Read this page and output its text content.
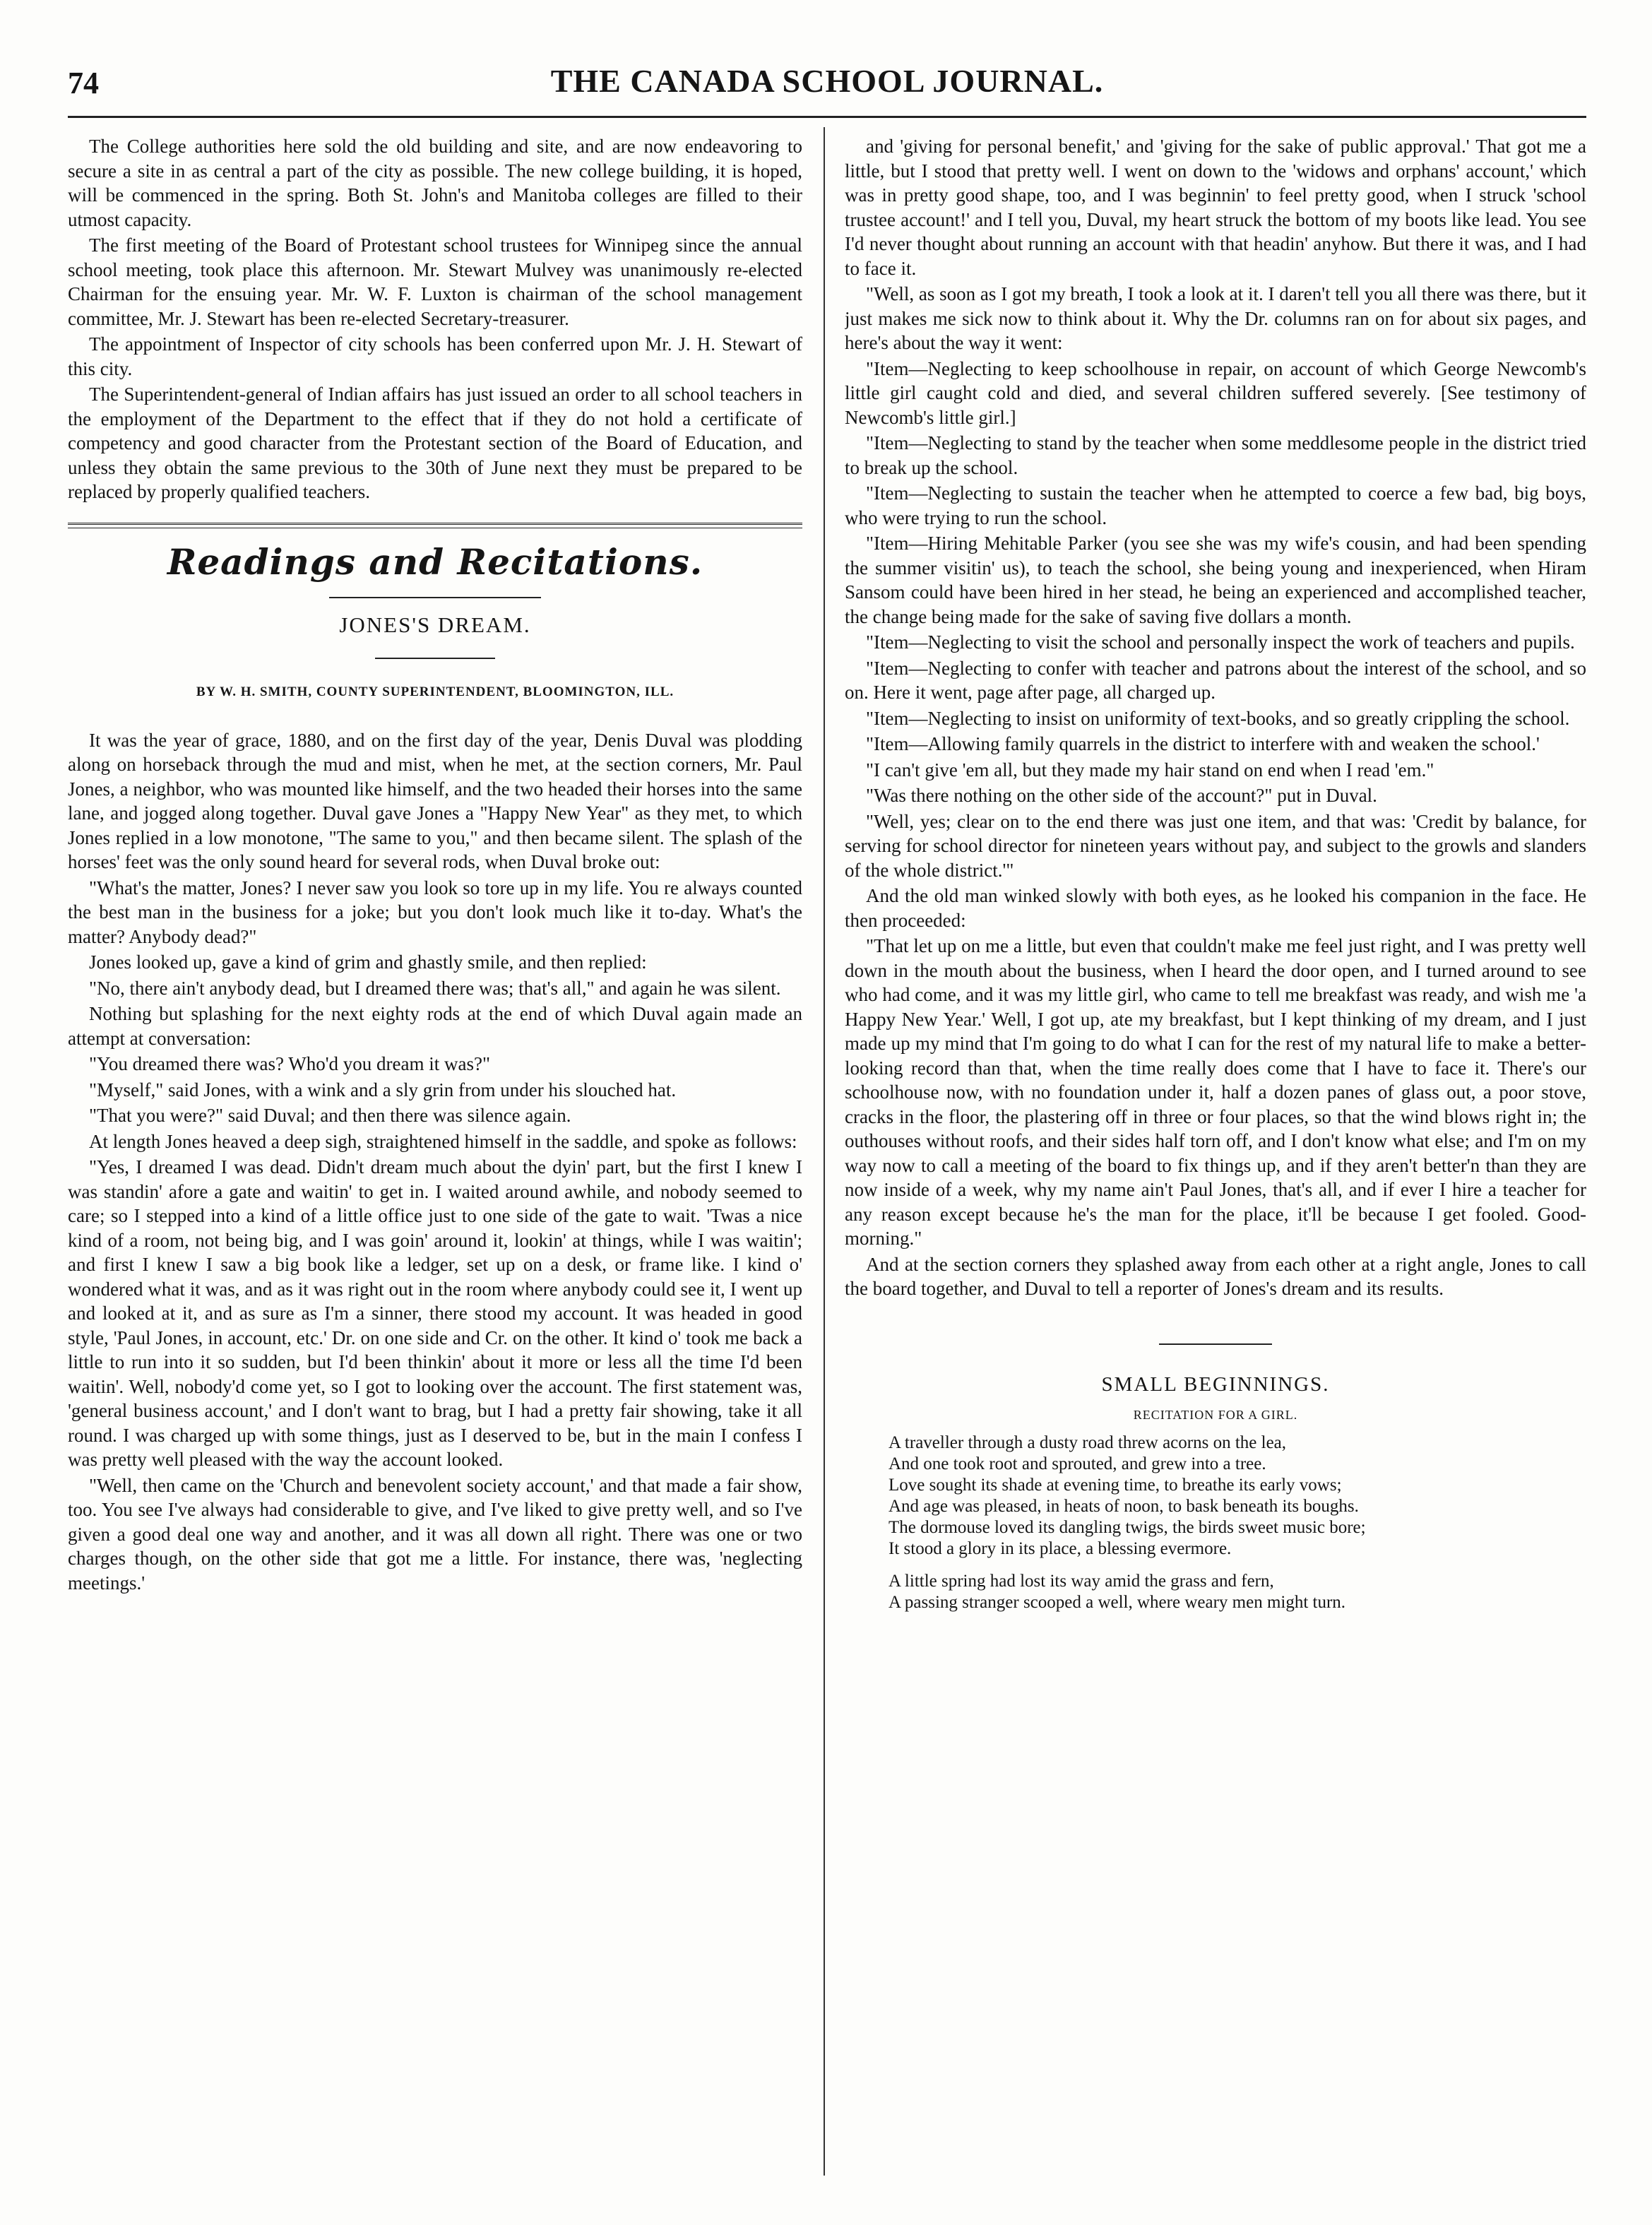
74	THE CANADA SCHOOL JOURNAL.

The College authorities here sold the old building and site, and are now endeavoring to secure a site in as central a part of the city as possible. The new college building, it is hoped, will be commenced in the spring. Both St. John's and Manitoba colleges are filled to their utmost capacity.

The first meeting of the Board of Protestant school trustees for Winnipeg since the annual school meeting, took place this afternoon. Mr. Stewart Mulvey was unanimously re-elected Chairman for the ensuing year. Mr. W. F. Luxton is chairman of the school management committee, Mr. J. Stewart has been re-elected Secretary-treasurer.

The appointment of Inspector of city schools has been conferred upon Mr. J. H. Stewart of this city.

The Superintendent-general of Indian affairs has just issued an order to all school teachers in the employment of the Department to the effect that if they do not hold a certificate of competency and good character from the Protestant section of the Board of Education, and unless they obtain the same previous to the 30th of June next they must be prepared to be replaced by properly qualified teachers.

Readings and Recitations.
JONES'S DREAM.
BY W. H. SMITH, COUNTY SUPERINTENDENT, BLOOMINGTON, ILL.

It was the year of grace, 1880, and on the first day of the year, Denis Duval was plodding along on horseback through the mud and mist, when he met, at the section corners, Mr. Paul Jones, a neighbor, who was mounted like himself, and the two headed their horses into the same lane, and jogged along together. Duval gave Jones a "Happy New Year" as they met, to which Jones replied in a low monotone, "The same to you," and then became silent. The splash of the horses' feet was the only sound heard for several rods, when Duval broke out:

"What's the matter, Jones? I never saw you look so tore up in my life. You re always counted the best man in the business for a joke; but you don't look much like it to-day. What's the matter? Anybody dead?"

Jones looked up, gave a kind of grim and ghastly smile, and then replied:

"No, there ain't anybody dead, but I dreamed there was; that's all," and again he was silent.

Nothing but splashing for the next eighty rods at the end of which Duval again made an attempt at conversation:

"You dreamed there was? Who'd you dream it was?"

"Myself," said Jones, with a wink and a sly grin from under his slouched hat.

"That you were?" said Duval; and then there was silence again.

At length Jones heaved a deep sigh, straightened himself in the saddle, and spoke as follows:

"Yes, I dreamed I was dead. Didn't dream much about the dyin' part, but the first I knew I was standin' afore a gate and waitin' to get in. I waited around awhile, and nobody seemed to care; so I stepped into a kind of a little office just to one side of the gate to wait. 'Twas a nice kind of a room, not being big, and I was goin' around it, lookin' at things, while I was waitin'; and first I knew I saw a big book like a ledger, set up on a desk, or frame like. I kind o' wondered what it was, and as it was right out in the room where anybody could see it, I went up and looked at it, and as sure as I'm a sinner, there stood my account. It was headed in good style, 'Paul Jones, in account, etc.' Dr. on one side and Cr. on the other. It kind o' took me back a little to run into it so sudden, but I'd been thinkin' about it more or less all the time I'd been waitin'. Well, nobody'd come yet, so I got to looking over the account. The first statement was, 'general business account,' and I don't want to brag, but I had a pretty fair showing, take it all round. I was charged up with some things, just as I deserved to be, but in the main I confess I was pretty well pleased with the way the account looked.

"Well, then came on the 'Church and benevolent society account,' and that made a fair show, too. You see I've always had considerable to give, and I've liked to give pretty well, and so I've given a good deal one way and another, and it was all down all right. There was one or two charges though, on the other side that got me a little. For instance, there was, 'neglecting meetings.'

and 'giving for personal benefit,' and 'giving for the sake of public approval.' That got me a little, but I stood that pretty well. I went on down to the 'widows and orphans' account,' which was in pretty good shape, too, and I was beginnin' to feel pretty good, when I struck 'school trustee account!' and I tell you, Duval, my heart struck the bottom of my boots like lead. You see I'd never thought about running an account with that headin' anyhow. But there it was, and I had to face it.

"Well, as soon as I got my breath, I took a look at it. I daren't tell you all there was there, but it just makes me sick now to think about it. Why the Dr. columns ran on for about six pages, and here's about the way it went:

"Item—Neglecting to keep schoolhouse in repair, on account of which George Newcomb's little girl caught cold and died, and several children suffered severely. [See testimony of Newcomb's little girl.]

"Item—Neglecting to stand by the teacher when some meddlesome people in the district tried to break up the school.

"Item—Neglecting to sustain the teacher when he attempted to coerce a few bad, big boys, who were trying to run the school.

"Item—Hiring Mehitable Parker (you see she was my wife's cousin, and had been spending the summer visitin' us), to teach the school, she being young and inexperienced, when Hiram Sansom could have been hired in her stead, he being an experienced and accomplished teacher, the change being made for the sake of saving five dollars a month.

"Item—Neglecting to visit the school and personally inspect the work of teachers and pupils.

"Item—Neglecting to confer with teacher and patrons about the interest of the school, and so on. Here it went, page after page, all charged up.

"Item—Neglecting to insist on uniformity of text-books, and so greatly crippling the school.

"Item—Allowing family quarrels in the district to interfere with and weaken the school.'

"I can't give 'em all, but they made my hair stand on end when I read 'em."

"Was there nothing on the other side of the account?" put in Duval.

"Well, yes; clear on to the end there was just one item, and that was: 'Credit by balance, for serving for school director for nineteen years without pay, and subject to the growls and slanders of the whole district.'"

And the old man winked slowly with both eyes, as he looked his companion in the face. He then proceeded:

"That let up on me a little, but even that couldn't make me feel just right, and I was pretty well down in the mouth about the business, when I heard the door open, and I turned around to see who had come, and it was my little girl, who came to tell me breakfast was ready, and wish me 'a Happy New Year.' Well, I got up, ate my breakfast, but I kept thinking of my dream, and I just made up my mind that I'm going to do what I can for the rest of my natural life to make a better-looking record than that, when the time really does come that I have to face it. There's our schoolhouse now, with no foundation under it, half a dozen panes of glass out, a poor stove, cracks in the floor, the plastering off in three or four places, so that the wind blows right in; the outhouses without roofs, and their sides half torn off, and I don't know what else; and I'm on my way now to call a meeting of the board to fix things up, and if they aren't better'n than they are now inside of a week, why my name ain't Paul Jones, that's all, and if ever I hire a teacher for any reason except because he's the man for the place, it'll be because I get fooled. Good-morning."

And at the section corners they splashed away from each other at a right angle, Jones to call the board together, and Duval to tell a reporter of Jones's dream and its results.

SMALL BEGINNINGS.
RECITATION FOR A GIRL.
A traveller through a dusty road threw acorns on the lea,
And one took root and sprouted, and grew into a tree.
Love sought its shade at evening time, to breathe its early vows;
And age was pleased, in heats of noon, to bask beneath its boughs.
The dormouse loved its dangling twigs, the birds sweet music bore;
It stood a glory in its place, a blessing evermore.
A little spring had lost its way amid the grass and fern,
A passing stranger scooped a well, where weary men might turn.
